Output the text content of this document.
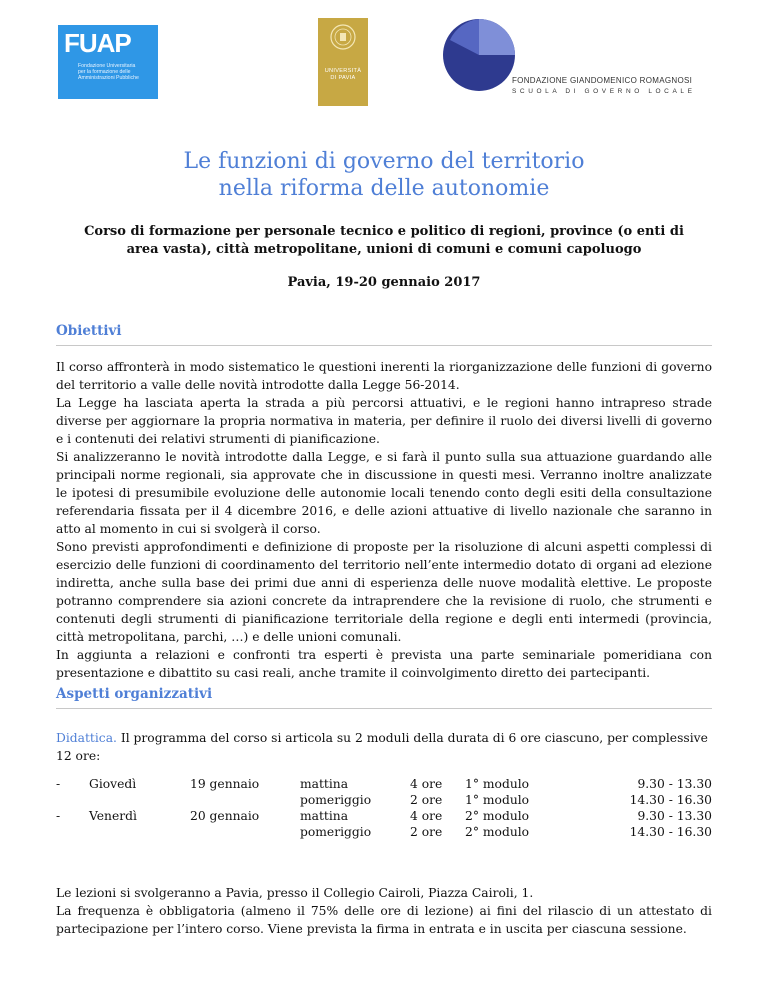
FUAP
Fondazione Universitaria
per la formazione delle
Amministrazioni Pubbliche
UNIVERSITÀ
DI PAVIA	FONDAZIONE GIANDOMENICO ROMAGNOSI
SCUOLA DI GOVERNO LOCALE
Le funzioni di governo del territorio
nella riforma delle autonomie
Corso di formazione per personale tecnico e politico di regioni, province (o enti di area vasta), città metropolitane, unioni di comuni e comuni capoluogo
Pavia, 19-20 gennaio 2017
Obiettivi

Il corso affronterà in modo sistematico le questioni inerenti la riorganizzazione delle funzioni di governo del territorio a valle delle novità introdotte dalla Legge 56-2014.

La Legge ha lasciata aperta la strada a più percorsi attuativi, e le regioni hanno intrapreso strade diverse per aggiornare la propria normativa in materia, per definire il ruolo dei diversi livelli di governo e i contenuti dei relativi strumenti di pianificazione.

Si analizzeranno le novità introdotte dalla Legge, e si farà il punto sulla sua attuazione guardando alle principali norme regionali, sia approvate che in discussione in questi mesi. Verranno inoltre analizzate le ipotesi di presumibile evoluzione delle autonomie locali tenendo conto degli esiti della consultazione referendaria fissata per il 4 dicembre 2016, e delle azioni attuative di livello nazionale che saranno in atto al momento in cui si svolgerà il corso.

Sono previsti approfondimenti e definizione di proposte per la risoluzione di alcuni aspetti complessi di esercizio delle funzioni di coordinamento del territorio nell’ente intermedio dotato di organi ad elezione indiretta, anche sulla base dei primi due anni di esperienza delle nuove modalità elettive. Le proposte potranno comprendere sia azioni concrete da intraprendere che la revisione di ruolo, che strumenti e contenuti degli strumenti di pianificazione territoriale della regione e degli enti intermedi (provincia, città metropolitana, parchi, …) e delle unioni comunali.

In aggiunta a relazioni e confronti tra esperti è prevista una parte seminariale pomeridiana con presentazione e dibattito su casi reali, anche tramite il coinvolgimento diretto dei partecipanti.

Aspetti organizzativi
Didattica. Il programma del corso si articola su 2 moduli della durata di 6 ore ciascuno, per complessive 12 ore:
- Giovedì	19 gennaio	mattina	4 ore 1° modulo	9.30 - 13.30
pomeriggio	2 ore 1° modulo	14.30 - 16.30
- Venerdì	20 gennaio	mattina	4 ore 2° modulo	9.30 - 13.30
pomeriggio	2 ore 2° modulo	14.30 - 16.30

Le lezioni si svolgeranno a Pavia, presso il Collegio Cairoli, Piazza Cairoli, 1.

La frequenza è obbligatoria (almeno il 75% delle ore di lezione) ai fini del rilascio di un attestato di partecipazione per l’intero corso. Viene prevista la firma in entrata e in uscita per ciascuna sessione.
